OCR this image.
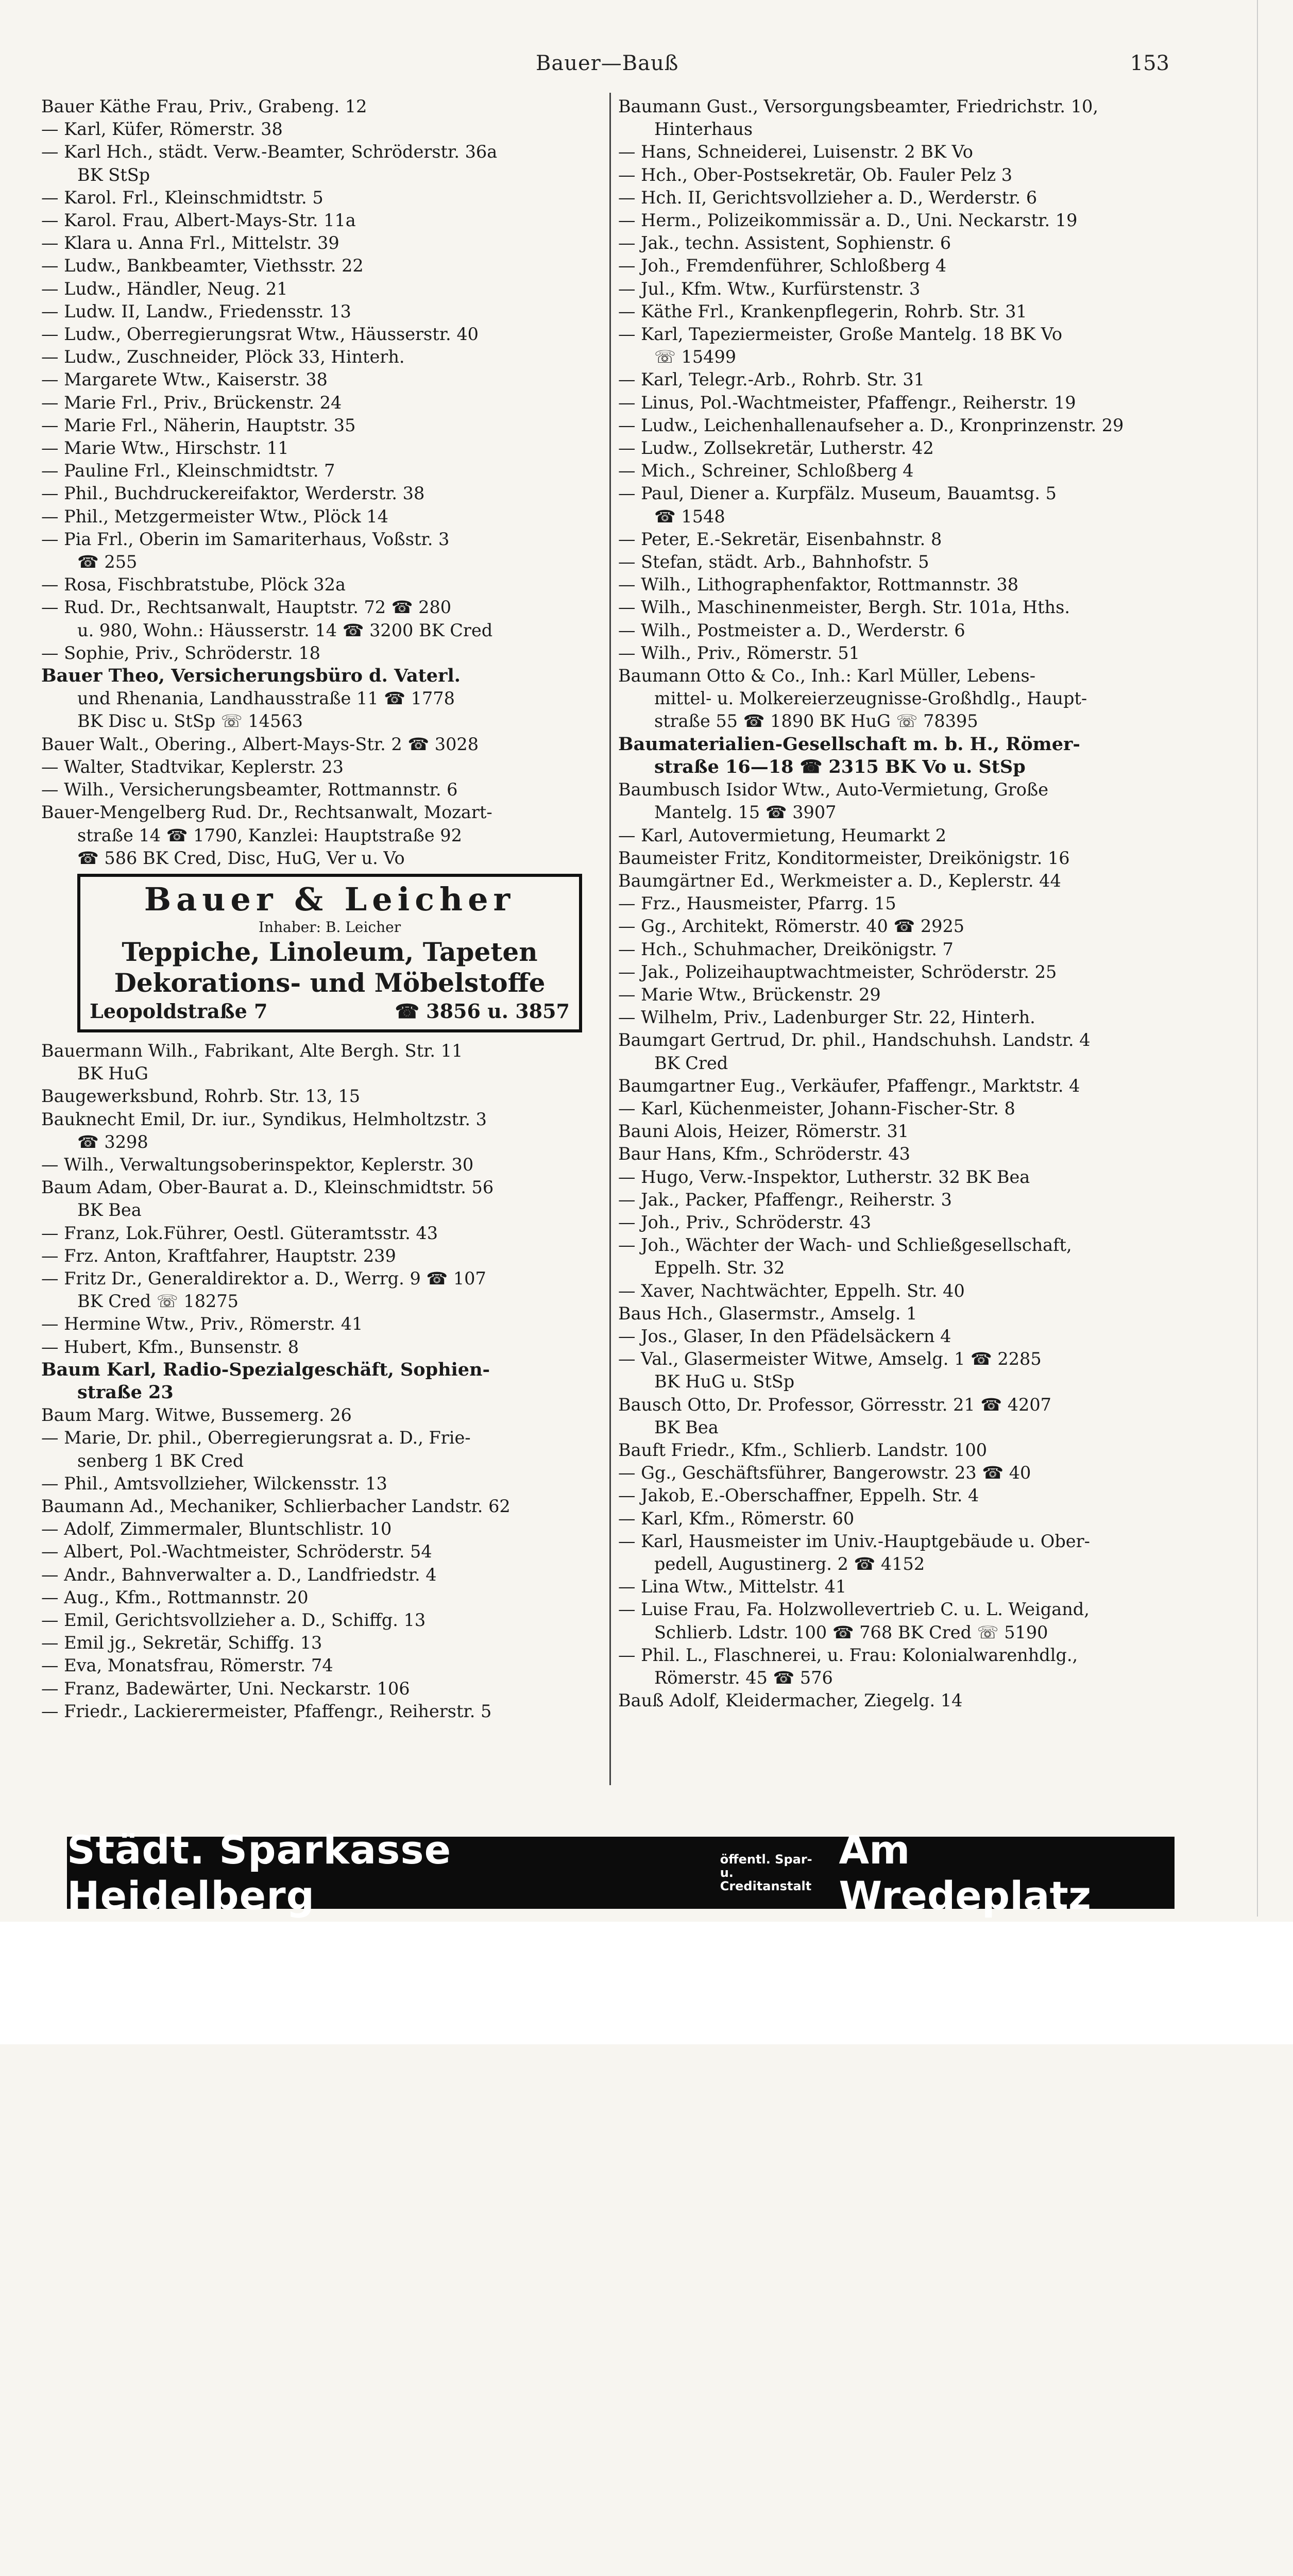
Bauer—Bauß	153
Bauer Käthe Frau, Priv., Grabeng. 12
— Karl, Küfer, Römerstr. 38
— Karl Hch., städt. Verw.-Beamter, Schröderstr. 36a
BK StSp
— Karol. Frl., Kleinschmidtstr. 5
— Karol. Frau, Albert-Mays-Str. 11a
— Klara u. Anna Frl., Mittelstr. 39
— Ludw., Bankbeamter, Viethsstr. 22
— Ludw., Händler, Neug. 21
— Ludw. II, Landw., Friedensstr. 13
— Ludw., Oberregierungsrat Wtw., Häusserstr. 40
— Ludw., Zuschneider, Plöck 33, Hinterh.
— Margarete Wtw., Kaiserstr. 38
— Marie Frl., Priv., Brückenstr. 24
— Marie Frl., Näherin, Hauptstr. 35
— Marie Wtw., Hirschstr. 11
— Pauline Frl., Kleinschmidtstr. 7
— Phil., Buchdruckereifaktor, Werderstr. 38
— Phil., Metzgermeister Wtw., Plöck 14
— Pia Frl., Oberin im Samariterhaus, Voßstr. 3
☎ 255
— Rosa, Fischbratstube, Plöck 32a
— Rud. Dr., Rechtsanwalt, Hauptstr. 72 ☎ 280
u. 980, Wohn.: Häusserstr. 14 ☎ 3200 BK Cred
— Sophie, Priv., Schröderstr. 18
Bauer Theo, Versicherungsbüro d. Vaterl.
und Rhenania, Landhausstraße 11 ☎ 1778
BK Disc u. StSp ☏ 14563
Bauer Walt., Obering., Albert-Mays-Str. 2 ☎ 3028
— Walter, Stadtvikar, Keplerstr. 23
— Wilh., Versicherungsbeamter, Rottmannstr. 6
Bauer-Mengelberg Rud. Dr., Rechtsanwalt, Mozart-
straße 14 ☎ 1790, Kanzlei: Hauptstraße 92
☎ 586 BK Cred, Disc, HuG, Ver u. Vo
Bauer & Leicher
Inhaber: B. Leicher
Teppiche, Linoleum, Tapeten
Dekorations- und Möbelstoffe
Leopoldstraße 7	☎ 3856 u. 3857
Bauermann Wilh., Fabrikant, Alte Bergh. Str. 11
BK HuG
Baugewerksbund, Rohrb. Str. 13, 15
Bauknecht Emil, Dr. iur., Syndikus, Helmholtzstr. 3
☎ 3298
— Wilh., Verwaltungsoberinspektor, Keplerstr. 30
Baum Adam, Ober-Baurat a. D., Kleinschmidtstr. 56
BK Bea
— Franz, Lok.Führer, Oestl. Güteramtsstr. 43
— Frz. Anton, Kraftfahrer, Hauptstr. 239
— Fritz Dr., Generaldirektor a. D., Werrg. 9 ☎ 107
BK Cred ☏ 18275
— Hermine Wtw., Priv., Römerstr. 41
— Hubert, Kfm., Bunsenstr. 8
Baum Karl, Radio-Spezialgeschäft, Sophien-
straße 23
Baum Marg. Witwe, Bussemerg. 26
— Marie, Dr. phil., Oberregierungsrat a. D., Frie-
senberg 1 BK Cred
— Phil., Amtsvollzieher, Wilckensstr. 13
Baumann Ad., Mechaniker, Schlierbacher Landstr. 62
— Adolf, Zimmermaler, Bluntschlistr. 10
— Albert, Pol.-Wachtmeister, Schröderstr. 54
— Andr., Bahnverwalter a. D., Landfriedstr. 4
— Aug., Kfm., Rottmannstr. 20
— Emil, Gerichtsvollzieher a. D., Schiffg. 13
— Emil jg., Sekretär, Schiffg. 13
— Eva, Monatsfrau, Römerstr. 74
— Franz, Badewärter, Uni. Neckarstr. 106
— Friedr., Lackierermeister, Pfaffengr., Reiherstr. 5
Baumann Gust., Versorgungsbeamter, Friedrichstr. 10,
Hinterhaus
— Hans, Schneiderei, Luisenstr. 2 BK Vo
— Hch., Ober-Postsekretär, Ob. Fauler Pelz 3
— Hch. II, Gerichtsvollzieher a. D., Werderstr. 6
— Herm., Polizeikommissär a. D., Uni. Neckarstr. 19
— Jak., techn. Assistent, Sophienstr. 6
— Joh., Fremdenführer, Schloßberg 4
— Jul., Kfm. Wtw., Kurfürstenstr. 3
— Käthe Frl., Krankenpflegerin, Rohrb. Str. 31
— Karl, Tapeziermeister, Große Mantelg. 18 BK Vo
☏ 15499
— Karl, Telegr.-Arb., Rohrb. Str. 31
— Linus, Pol.-Wachtmeister, Pfaffengr., Reiherstr. 19
— Ludw., Leichenhallenaufseher a. D., Kronprinzenstr. 29
— Ludw., Zollsekretär, Lutherstr. 42
— Mich., Schreiner, Schloßberg 4
— Paul, Diener a. Kurpfälz. Museum, Bauamtsg. 5
☎ 1548
— Peter, E.-Sekretär, Eisenbahnstr. 8
— Stefan, städt. Arb., Bahnhofstr. 5
— Wilh., Lithographenfaktor, Rottmannstr. 38
— Wilh., Maschinenmeister, Bergh. Str. 101a, Hths.
— Wilh., Postmeister a. D., Werderstr. 6
— Wilh., Priv., Römerstr. 51
Baumann Otto & Co., Inh.: Karl Müller, Lebens-
mittel- u. Molkereierzeugnisse-Großhdlg., Haupt-
straße 55 ☎ 1890 BK HuG ☏ 78395
Baumaterialien-Gesellschaft m. b. H., Römer-
straße 16—18 ☎ 2315 BK Vo u. StSp
Baumbusch Isidor Wtw., Auto-Vermietung, Große
Mantelg. 15 ☎ 3907
— Karl, Autovermietung, Heumarkt 2
Baumeister Fritz, Konditormeister, Dreikönigstr. 16
Baumgärtner Ed., Werkmeister a. D., Keplerstr. 44
— Frz., Hausmeister, Pfarrg. 15
— Gg., Architekt, Römerstr. 40 ☎ 2925
— Hch., Schuhmacher, Dreikönigstr. 7
— Jak., Polizeihauptwachtmeister, Schröderstr. 25
— Marie Wtw., Brückenstr. 29
— Wilhelm, Priv., Ladenburger Str. 22, Hinterh.
Baumgart Gertrud, Dr. phil., Handschuhsh. Landstr. 4
BK Cred
Baumgartner Eug., Verkäufer, Pfaffengr., Marktstr. 4
— Karl, Küchenmeister, Johann-Fischer-Str. 8
Bauni Alois, Heizer, Römerstr. 31
Baur Hans, Kfm., Schröderstr. 43
— Hugo, Verw.-Inspektor, Lutherstr. 32 BK Bea
— Jak., Packer, Pfaffengr., Reiherstr. 3
— Joh., Priv., Schröderstr. 43
— Joh., Wächter der Wach- und Schließgesellschaft,
Eppelh. Str. 32
— Xaver, Nachtwächter, Eppelh. Str. 40
Baus Hch., Glasermstr., Amselg. 1
— Jos., Glaser, In den Pfädelsäckern 4
— Val., Glasermeister Witwe, Amselg. 1 ☎ 2285
BK HuG u. StSp
Bausch Otto, Dr. Professor, Görresstr. 21 ☎ 4207
BK Bea
Bauft Friedr., Kfm., Schlierb. Landstr. 100
— Gg., Geschäftsführer, Bangerowstr. 23 ☎ 40
— Jakob, E.-Oberschaffner, Eppelh. Str. 4
— Karl, Kfm., Römerstr. 60
— Karl, Hausmeister im Univ.-Hauptgebäude u. Ober-
pedell, Augustinerg. 2 ☎ 4152
— Lina Wtw., Mittelstr. 41
— Luise Frau, Fa. Holzwollevertrieb C. u. L. Weigand,
Schlierb. Ldstr. 100 ☎ 768 BK Cred ☏ 5190
— Phil. L., Flaschnerei, u. Frau: Kolonialwarenhdlg.,
Römerstr. 45 ☎ 576
Bauß Adolf, Kleidermacher, Ziegelg. 14
Städt. Sparkasse Heidelberg
öffentl. Spar- u.
Creditanstalt
Am Wredeplatz
